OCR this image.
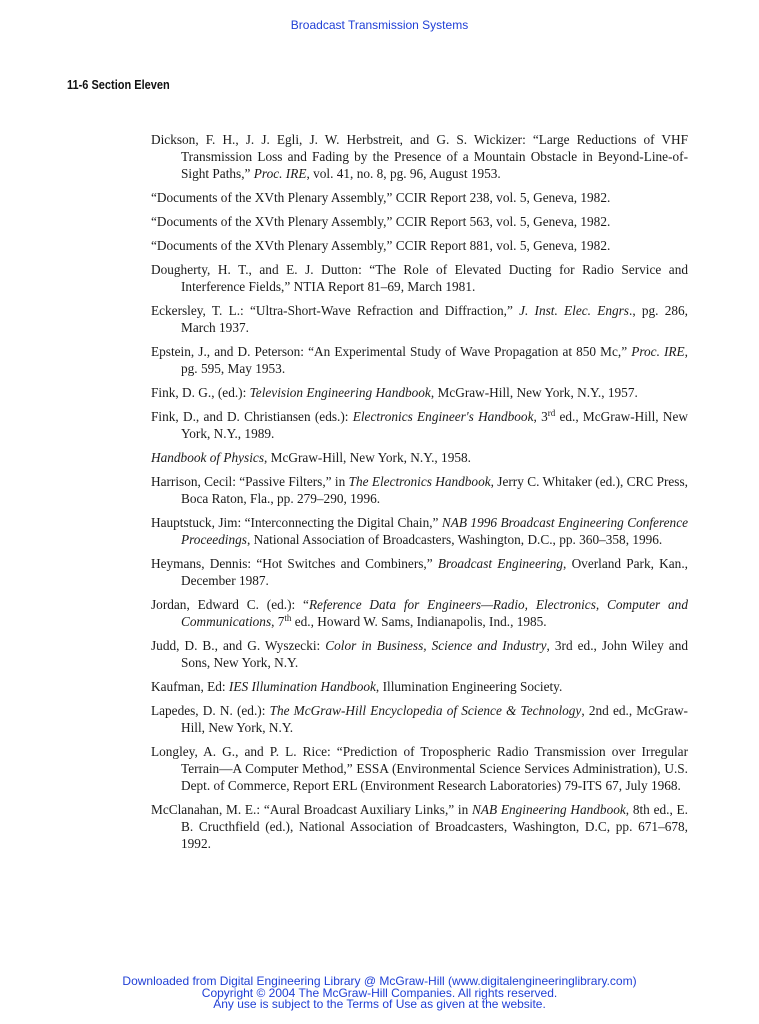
Broadcast Transmission Systems
11-6 Section Eleven
Dickson, F. H., J. J. Egli, J. W. Herbstreit, and G. S. Wickizer: “Large Reductions of VHF Transmission Loss and Fading by the Presence of a Mountain Obstacle in Beyond-Line-of-Sight Paths,” Proc. IRE, vol. 41, no. 8, pg. 96, August 1953.
“Documents of the XVth Plenary Assembly,” CCIR Report 238, vol. 5, Geneva, 1982.
“Documents of the XVth Plenary Assembly,” CCIR Report 563, vol. 5, Geneva, 1982.
“Documents of the XVth Plenary Assembly,” CCIR Report 881, vol. 5, Geneva, 1982.
Dougherty, H. T., and E. J. Dutton: “The Role of Elevated Ducting for Radio Service and Interference Fields,” NTIA Report 81–69, March 1981.
Eckersley, T. L.: “Ultra-Short-Wave Refraction and Diffraction,” J. Inst. Elec. Engrs., pg. 286, March 1937.
Epstein, J., and D. Peterson: “An Experimental Study of Wave Propagation at 850 Mc,” Proc. IRE, pg. 595, May 1953.
Fink, D. G., (ed.): Television Engineering Handbook, McGraw-Hill, New York, N.Y., 1957.
Fink, D., and D. Christiansen (eds.): Electronics Engineer's Handbook, 3rd ed., McGraw-Hill, New York, N.Y., 1989.
Handbook of Physics, McGraw-Hill, New York, N.Y., 1958.
Harrison, Cecil: “Passive Filters,” in The Electronics Handbook, Jerry C. Whitaker (ed.), CRC Press, Boca Raton, Fla., pp. 279–290, 1996.
Hauptstuck, Jim: “Interconnecting the Digital Chain,” NAB 1996 Broadcast Engineering Conference Proceedings, National Association of Broadcasters, Washington, D.C., pp. 360–358, 1996.
Heymans, Dennis: “Hot Switches and Combiners,” Broadcast Engineering, Overland Park, Kan., December 1987.
Jordan, Edward C. (ed.): “Reference Data for Engineers—Radio, Electronics, Computer and Communications, 7th ed., Howard W. Sams, Indianapolis, Ind., 1985.
Judd, D. B., and G. Wyszecki: Color in Business, Science and Industry, 3rd ed., John Wiley and Sons, New York, N.Y.
Kaufman, Ed: IES Illumination Handbook, Illumination Engineering Society.
Lapedes, D. N. (ed.): The McGraw-Hill Encyclopedia of Science & Technology, 2nd ed., McGraw-Hill, New York, N.Y.
Longley, A. G., and P. L. Rice: “Prediction of Tropospheric Radio Transmission over Irregular Terrain—A Computer Method,” ESSA (Environmental Science Services Administration), U.S. Dept. of Commerce, Report ERL (Environment Research Laboratories) 79-ITS 67, July 1968.
McClanahan, M. E.: “Aural Broadcast Auxiliary Links,” in NAB Engineering Handbook, 8th ed., E. B. Cructhfield (ed.), National Association of Broadcasters, Washington, D.C, pp. 671–678, 1992.
Downloaded from Digital Engineering Library @ McGraw-Hill (www.digitalengineeringlibrary.com)
Copyright © 2004 The McGraw-Hill Companies. All rights reserved.
Any use is subject to the Terms of Use as given at the website.
